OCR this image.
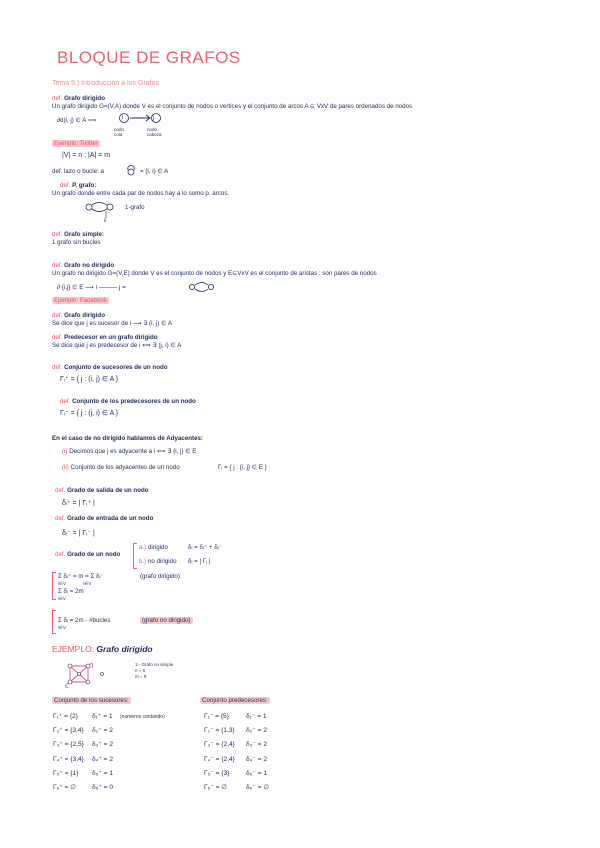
BLOQUE DE GRAFOS
Tema 5.) Introducción a los Grafos
def. Grafo dirigido
Un grafo dirigido G=(V,A) donde V es el conjunto de nodos o vertices y el conjunto de arcos A ⊆ VxV de pares ordenados de nodos
∂d(i, j) ∈ A ⟹	i	j
nodo
cola
nodo
cabeza
Ejemplo: Twitter
|V| = n ; |A| = m
def. lazo o bucle: a	= (i, i) ∈ A
def. P. grafo:
Un grafo donde entre cada par de nodos hay a lo sumo p. arcos.
k
1-grafo
def. Grafo simple:
1 grafo sin bucles
def. Grafo no dirigido
Un grafo no dirigido G=(V,E) donde V es el conjunto de nodos y E⊆VxV es el conjunto de aristas : son pares de nodos
∂ {i,j} ∈ E ⟶ i ——— j =
Ejemplo: Facebook
def. Grafo dirigido
Se dice que j es sucesor de i ⟶ ∃ (i, j) ∈ A
def. Predecesor en un grafo dirigido
Se dice que j es predecesor de i ⟺ ∃ (j, i) ∈ A
def. Conjunto de sucesores de un nodo
Γᵢ⁺ = { j : (i, j) ∈ A }
def. Conjunto de los predecesores de un nodo
Γᵢ⁻ = { j : (j, i) ∈ A }
En el caso de no dirigido hablamos de Adyacentes:
(i) Decimos que j es adyacente a i ⟺ ∃ {i, j} ∈ E
(ii) Conjunto de los adyacentes de un nodo	Γᵢ = { j : {i, j} ∈ E }
def. Grado de salida de un nodo
δᵢ⁺ = | Γᵢ⁺ |
def. Grado de entrada de un nodo
δᵢ⁻ = | Γᵢ⁻ |
def. Grado de un nodo
a.) dirigido	δᵢ = δᵢ⁺ + δᵢ⁻
b.) no dirigido δᵢ = | Γᵢ |
Σ δᵢ⁺ = m = Σ δᵢ⁻
i∈V              i∈V
(grafo dirigido)
Σ δᵢ = 2m
i∈V
Σ δᵢ = 2m - #bucles
i∈V
(grafo no dirigido)
EJEMPLO: Grafo dirigido
1.- Grafo no simple
n = 6
m = 9
Conjunto de los sucesores:	Conjunto predecesores:
Γ₁⁺ = {2} δ₁⁺ = 1 (numeros contando)
Γ₂⁺ = {3,4} δ₂⁺ = 2
Γ₃⁺ = {2,5} δ₃⁺ = 2
Γ₄⁺ = {3,4} δ₄⁺ = 2
Γ₅⁺ = {1} δ₅⁺ = 1
Γ₆⁺ = ∅ δ₆⁺ = 0
Γ₁⁻ = {5}	δ₁⁻ = 1
Γ₂⁻ = {1,3} δ₂⁻ = 2
Γ₃⁻ = {2,4} δ₃⁻ = 2
Γ₄⁻ = {2,4} δ₄⁻ = 2
Γ₅⁻ = {3}	δ₅⁻ = 1
Γ₆⁻ = ∅	δ₆⁻ = ∅
